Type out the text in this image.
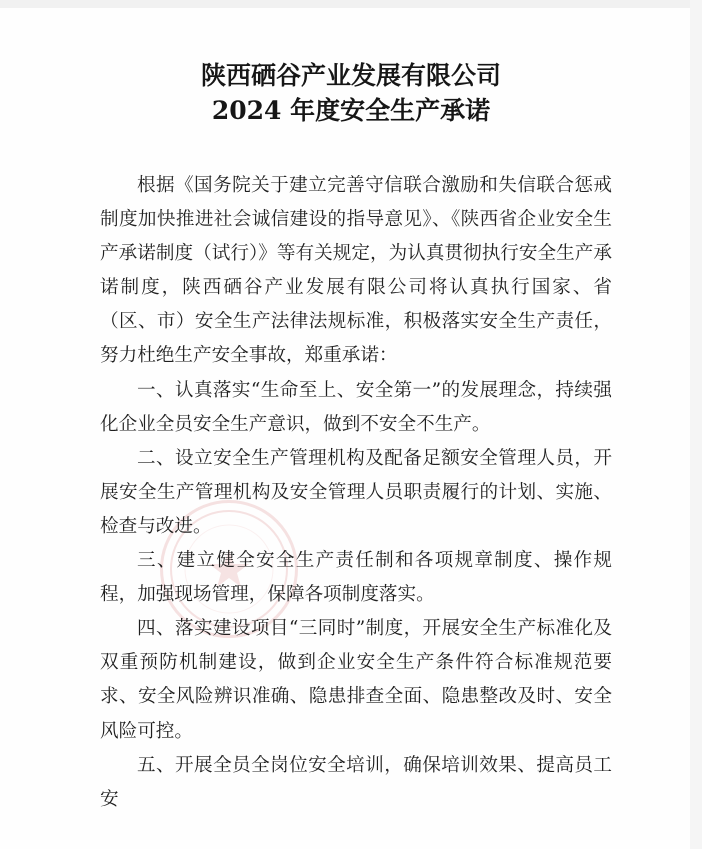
陕西硒谷产业发展有限公司
2024 年度安全生产承诺

根据《国务院关于建立完善守信联合激励和失信联合惩戒制度加快推进社会诚信建设的指导意见》、《陕西省企业安全生产承诺制度（试行）》等有关规定，为认真贯彻执行安全生产承诺制度，陕西硒谷产业发展有限公司将认真执行国家、省（区、市）安全生产法律法规标准，积极落实安全生产责任，努力杜绝生产安全事故，郑重承诺：

一、认真落实“生命至上、安全第一”的发展理念，持续强化企业全员安全生产意识，做到不安全不生产。

二、设立安全生产管理机构及配备足额安全管理人员，开展安全生产管理机构及安全管理人员职责履行的计划、实施、检查与改进。

三、建立健全安全生产责任制和各项规章制度、操作规程，加强现场管理，保障各项制度落实。

四、落实建设项目“三同时”制度，开展安全生产标准化及双重预防机制建设，做到企业安全生产条件符合标准规范要求、安全风险辨识准确、隐患排查全面、隐患整改及时、安全风险可控。

五、开展全员全岗位安全培训，确保培训效果、提高员工安
